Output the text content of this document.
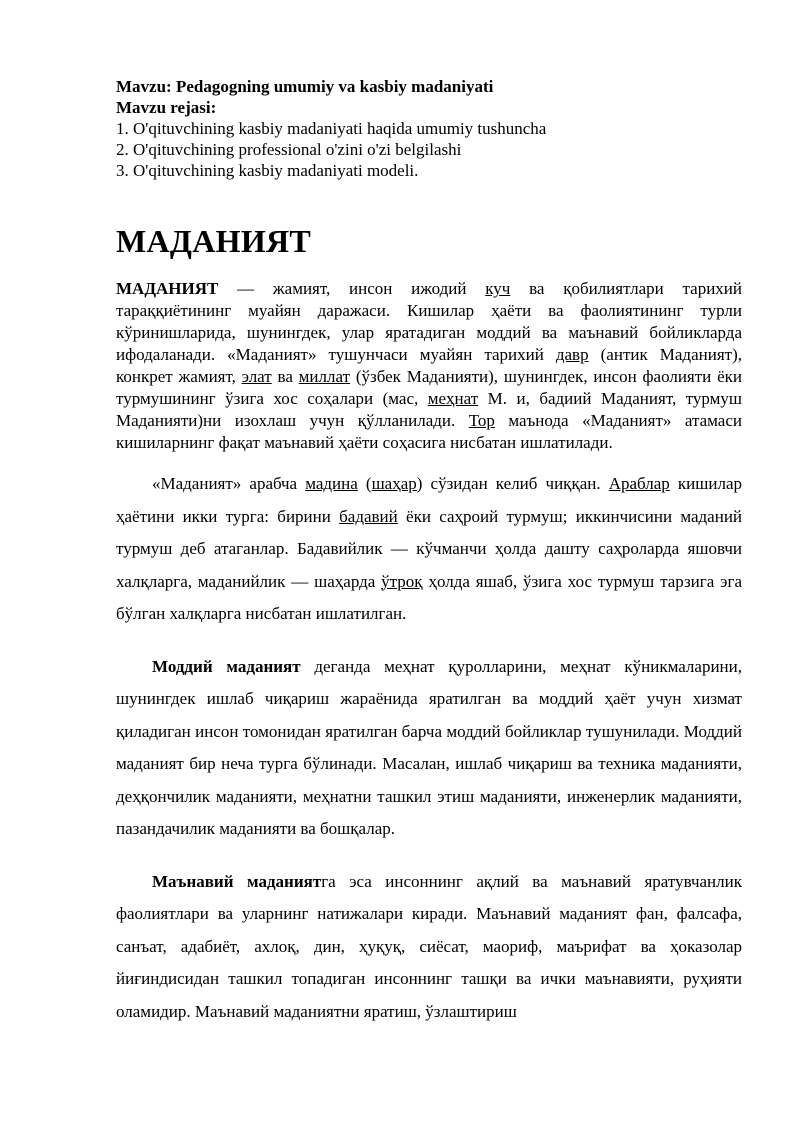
Mavzu: Pedagogning umumiy va kasbiy madaniyati
Mavzu rejasi:
1. O'qituvchining kasbiy madaniyati haqida umumiy tushuncha
2. O'qituvchining professional o'zini o'zi belgilashi
3. O'qituvchining kasbiy madaniyati modeli.
МАДАНИЯТ

МАДАНИЯТ — жамият, инсон ижодий куч ва қобилиятлари тарихий тараққиётининг муайян даражаси. Кишилар ҳаёти ва фаолиятининг турли кўринишларида, шунингдек, улар яратадиган моддий ва маънавий бойликларда ифодаланади. «Маданият» тушунчаси муайян тарихий давр (антик Маданият), конкрет жамият, элат ва миллат (ўзбек Маданияти), шунингдек, инсон фаолияти ёки турмушининг ўзига хос соҳалари (мас, меҳнат М. и, бадиий Маданият, турмуш Маданияти)ни изохлаш учун қўлланилади. Тор маънода «Маданият» атамаси кишиларнинг фақат маънавий ҳаёти соҳасига нисбатан ишлатилади.

«Маданият» арабча мадина (шаҳар) сўзидан келиб чиққан. Араблар кишилар ҳаётини икки турга: бирини бадавий ёки саҳроий турмуш; иккинчисини маданий турмуш деб атаганлар. Бадавийлик — кўчманчи ҳолда дашту саҳроларда яшовчи халқларга, маданийлик — шаҳарда ўтроқ ҳолда яшаб, ўзига хос турмуш тарзига эга бўлган халқларга нисбатан ишлатилган.

Моддий маданият деганда меҳнат қуролларини, меҳнат кўникмаларини, шунингдек ишлаб чиқариш жараёнида яратилган ва моддий ҳаёт учун хизмат қиладиган инсон томонидан яратилган барча моддий бойликлар тушунилади. Моддий маданият бир неча турга бўлинади. Масалан, ишлаб чиқариш ва техника маданияти, деҳқончилик маданияти, меҳнатни ташкил этиш маданияти, инженерлик маданияти, пазандачилик маданияти ва бошқалар.

Маънавий маданиятга эса инсоннинг ақлий ва маънавий яратувчанлик фаолиятлари ва уларнинг натижалари киради. Маънавий маданият фан, фалсафа, санъат, адабиёт, ахлоқ, дин, ҳуқуқ, сиёсат, маориф, маърифат ва ҳоказолар йиғиндисидан ташкил топадиган инсоннинг ташқи ва ички маънавияти, руҳияти оламидир. Маънавий маданиятни яратиш, ўзлаштириш
